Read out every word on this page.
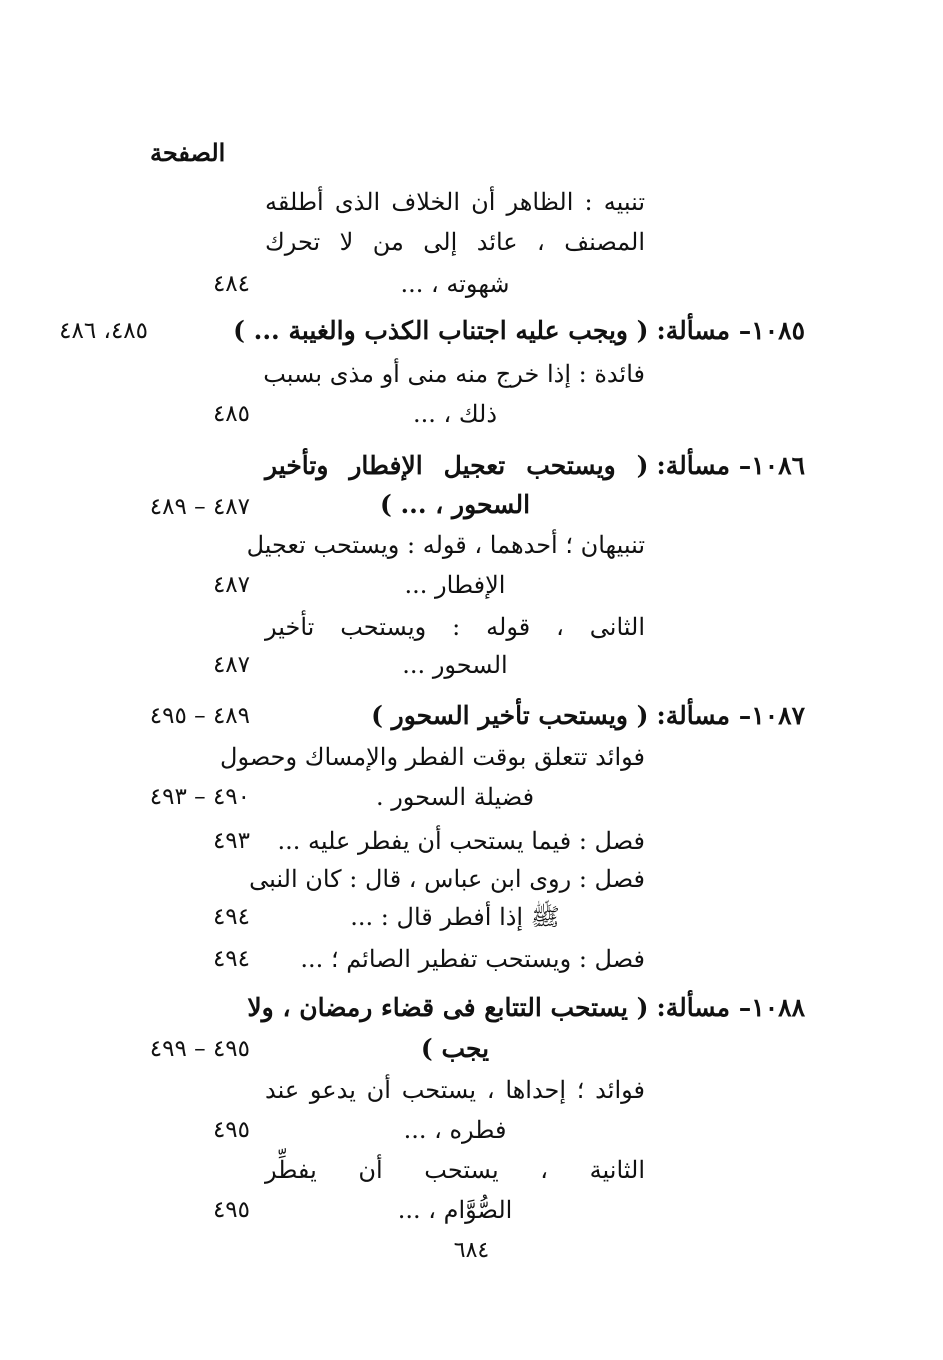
الصفحة
تنبيه : الظاهر أن الخلاف الذى أطلقه
المصنف ، عائد إلى من لا تحرك
شهوته ، ...
٤٨٤
١٠٨٥
– مسألة:
( ويجب عليه اجتناب الكذب والغيبة ... )
٤٨٥، ٤٨٦
فائدة : إذا خرج منه منى أو مذى بسبب
ذلك ، ...
٤٨٥
١٠٨٦
– مسألة:
( ويستحب تعجيل الإفطار وتأخير
السحور ، ... )
٤٨٧ – ٤٨٩
تنبيهان ؛ أحدهما ، قوله : ويستحب تعجيل
الإفطار ...
٤٨٧
الثانى ، قوله : ويستحب تأخير
السحور ...
٤٨٧
١٠٨٧
– مسألة:
( ويستحب تأخير السحور )
٤٨٩ – ٤٩٥
فوائد تتعلق بوقت الفطر والإمساك وحصول
فضيلة السحور .
٤٩٠ – ٤٩٣
فصل : فيما يستحب أن يفطر عليه ...
٤٩٣
فصل : روى ابن عباس ، قال : كان النبى
ﷺ إذا أفطر قال : ...
٤٩٤
فصل : ويستحب تفطير الصائم ؛ ...
٤٩٤
١٠٨٨
– مسألة:
( يستحب التتابع فى قضاء رمضان ، ولا
يجب )
٤٩٥ – ٤٩٩
فوائد ؛ إحداها ، يستحب أن يدعو عند
فطره ، ...
٤٩٥
الثانية ، يستحب أن يفطِّر
الصُّوَّام ، ...
٤٩٥
٦٨٤
